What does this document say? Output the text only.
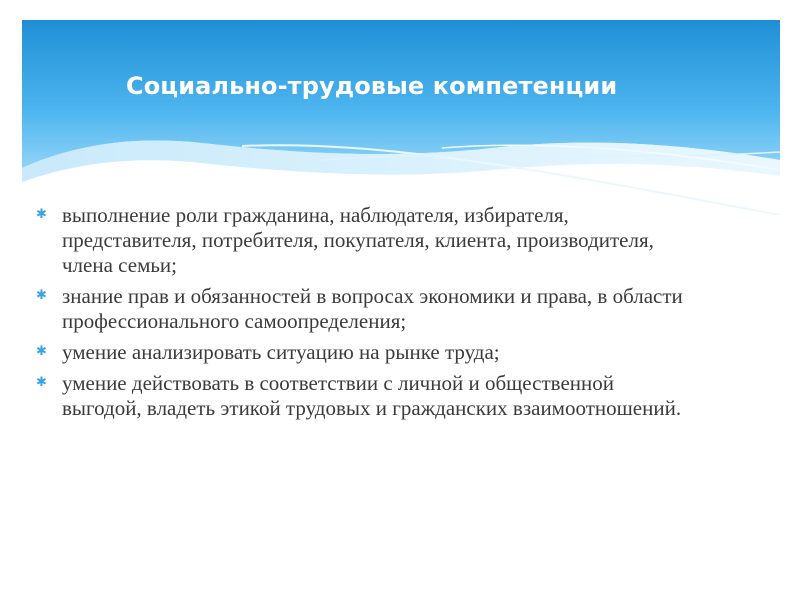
Социально-трудовые компетенции
✱ выполнение роли гражданина, наблюдателя, избирателя, представителя, потребителя, покупателя, клиента, производителя, члена семьи;
✱ знание прав и обязанностей в вопросах экономики и права, в области профессионального самоопределения;
✱ умение анализировать ситуацию на рынке труда;
✱ умение действовать в соответствии с личной и общественной выгодой, владеть этикой трудовых и гражданских взаимоотношений.
